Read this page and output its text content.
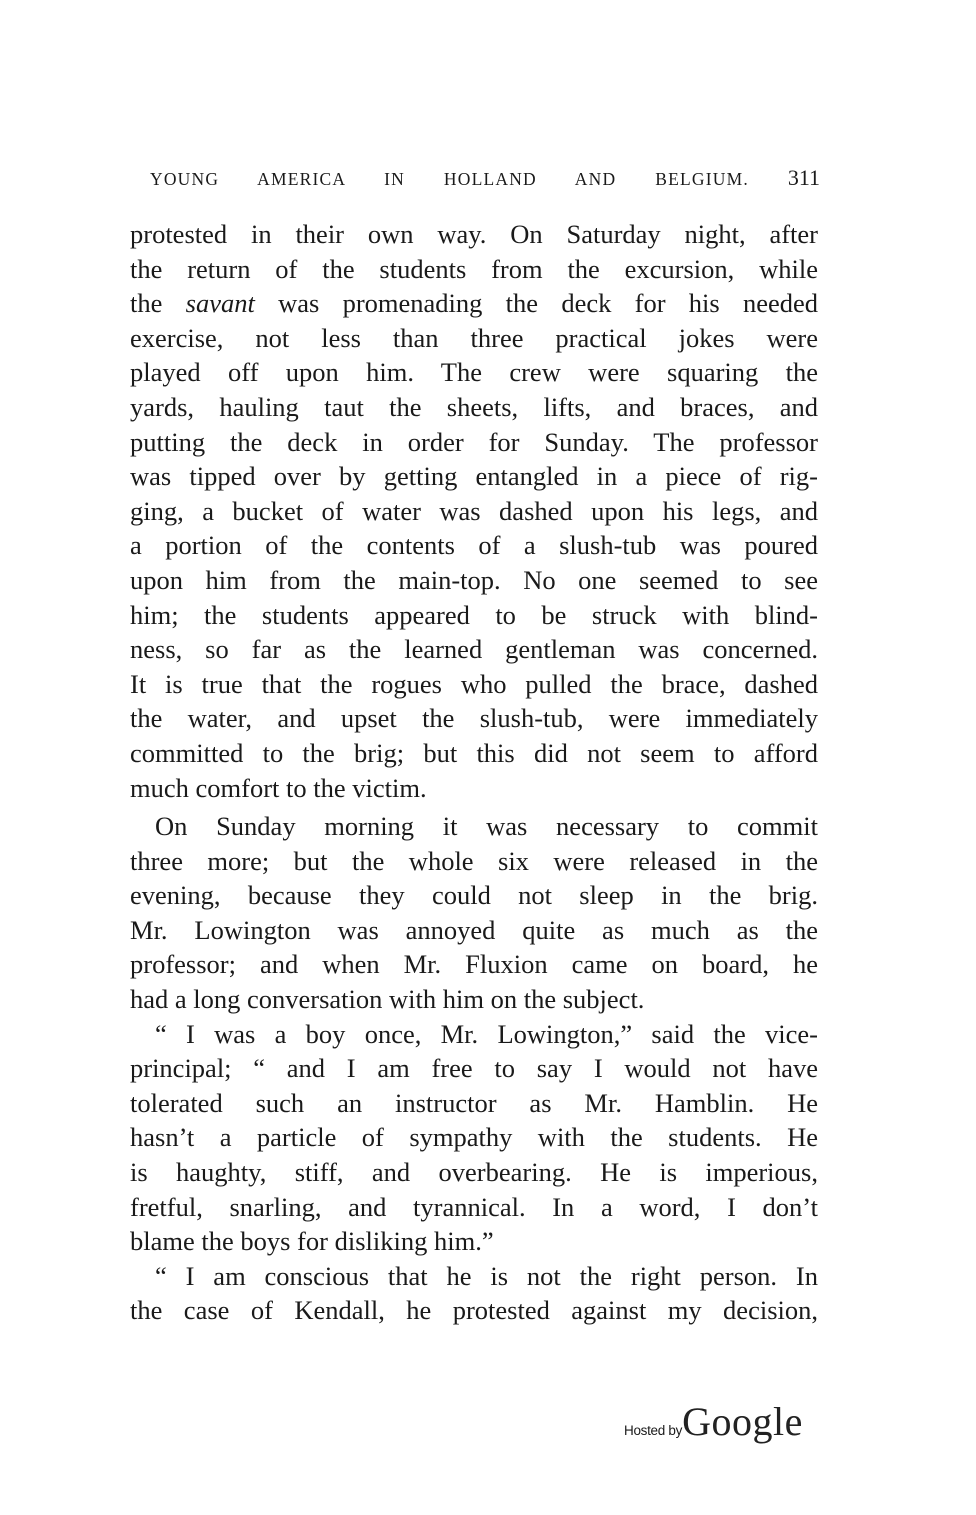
YOUNG AMERICA IN HOLLAND AND BELGIUM. 311
protested in their own way. On Saturday night, after
the return of the students from the excursion, while
the savant was promenading the deck for his needed
exercise, not less than three practical jokes were
played off upon him. The crew were squaring the
yards, hauling taut the sheets, lifts, and braces, and
putting the deck in order for Sunday. The professor
was tipped over by getting entangled in a piece of rig-
ging, a bucket of water was dashed upon his legs, and
a portion of the contents of a slush-tub was poured
upon him from the main-top. No one seemed to see
him; the students appeared to be struck with blind-
ness, so far as the learned gentleman was concerned.
It is true that the rogues who pulled the brace, dashed
the water, and upset the slush-tub, were immediately
committed to the brig; but this did not seem to afford
much comfort to the victim.
On Sunday morning it was necessary to commit
three more; but the whole six were released in the
evening, because they could not sleep in the brig.
Mr. Lowington was annoyed quite as much as the
professor; and when Mr. Fluxion came on board, he
had a long conversation with him on the subject.
“ I was a boy once, Mr. Lowington,” said the vice-
principal; “ and I am free to say I would not have
tolerated such an instructor as Mr. Hamblin. He
hasn’t a particle of sympathy with the students. He
is haughty, stiff, and overbearing. He is imperious,
fretful, snarling, and tyrannical. In a word, I don’t
blame the boys for disliking him.”
“ I am conscious that he is not the right person. In
the case of Kendall, he protested against my decision,
Hosted byGoogle
